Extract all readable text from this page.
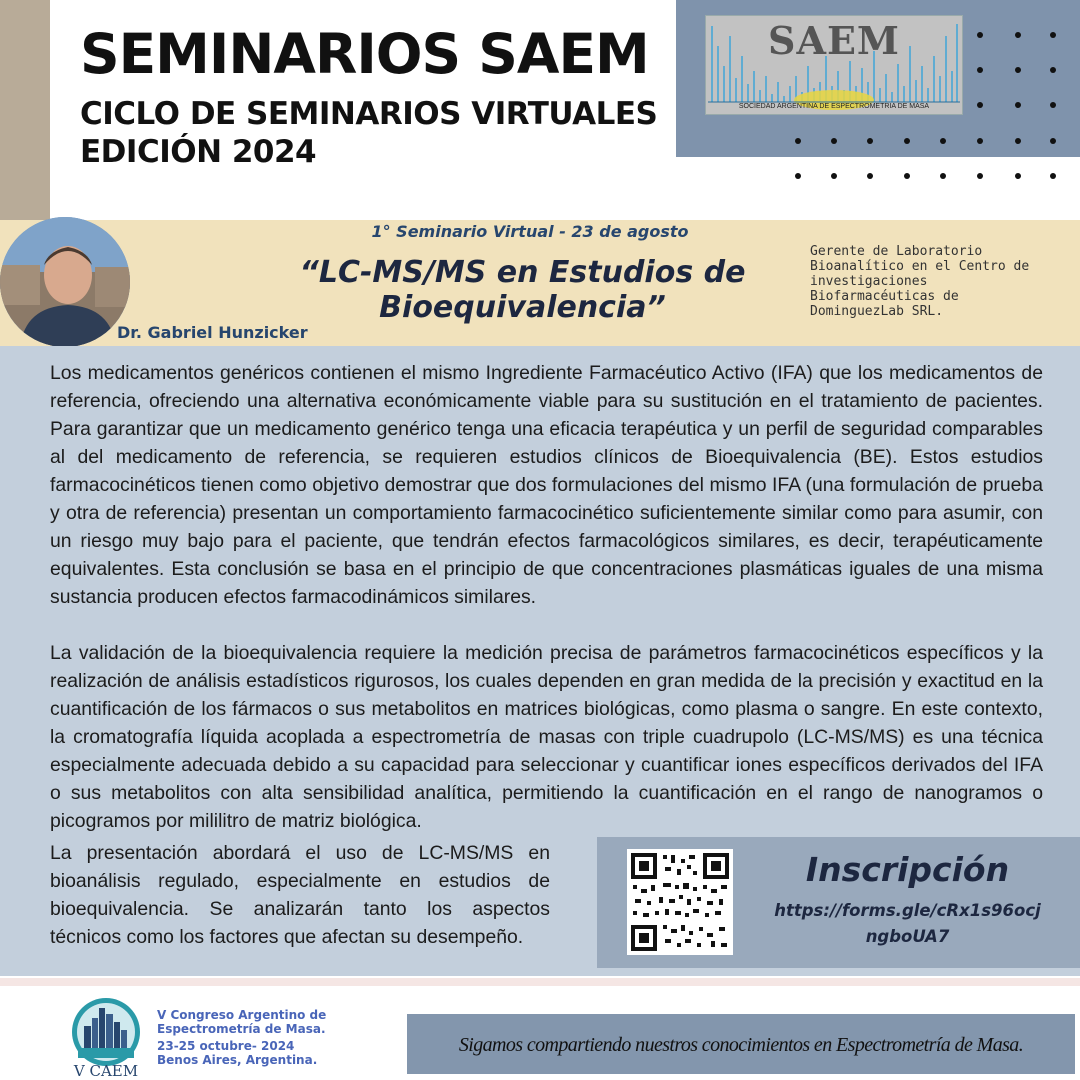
SEMINARIOS SAEM
CICLO DE SEMINARIOS VIRTUALES
EDICIÓN 2024
SAEM
SOCIEDAD ARGENTINA DE ESPECTROMETRIA DE MASA
1° Seminario Virtual - 23 de agosto
“LC-MS/MS en Estudios de
Bioequivalencia”
Dr. Gabriel Hunzicker
Gerente de Laboratorio
Bioanalítico en el Centro de
investigaciones
Biofarmacéuticas de
DominguezLab SRL.

Los medicamentos genéricos contienen el mismo Ingrediente Farmacéutico Activo (IFA) que los medicamentos de referencia, ofreciendo una alternativa económicamente viable para su sustitución en el tratamiento de pacientes. Para garantizar que un medicamento genérico tenga una eficacia terapéutica y un perfil de seguridad comparables al del medicamento de referencia, se requieren estudios clínicos de Bioequivalencia (BE). Estos estudios farmacocinéticos tienen como objetivo demostrar que dos formulaciones del mismo IFA (una formulación de prueba y otra de referencia) presentan un comportamiento farmacocinético suficientemente similar como para asumir, con un riesgo muy bajo para el paciente, que tendrán efectos farmacológicos similares, es decir, terapéuticamente equivalentes. Esta conclusión se basa en el principio de que concentraciones plasmáticas iguales de una misma sustancia producen efectos farmacodinámicos similares.

La validación de la bioequivalencia requiere la medición precisa de parámetros farmacocinéticos específicos y la realización de análisis estadísticos rigurosos, los cuales dependen en gran medida de la precisión y exactitud en la cuantificación de los fármacos o sus metabolitos en matrices biológicas, como plasma o sangre. En este contexto, la cromatografía líquida acoplada a espectrometría de masas con triple cuadrupolo (LC-MS/MS) es una técnica especialmente adecuada debido a su capacidad para seleccionar y cuantificar iones específicos derivados del IFA o sus metabolitos con alta sensibilidad analítica, permitiendo la cuantificación en el rango de nanogramos o picogramos por mililitro de matriz biológica.

La presentación abordará el uso de LC-MS/MS en bioanálisis regulado, especialmente en estudios de bioequivalencia. Se analizarán tanto los aspectos técnicos como los factores que afectan su desempeño.

Inscripción
https://forms.gle/cRx1s96ocjngboUA7
V CAEM
V Congreso Argentino de
Espectrometría de Masa.
23-25 octubre- 2024
Benos Aires, Argentina.
Sigamos compartiendo nuestros conocimientos en Espectrometría de Masa.
